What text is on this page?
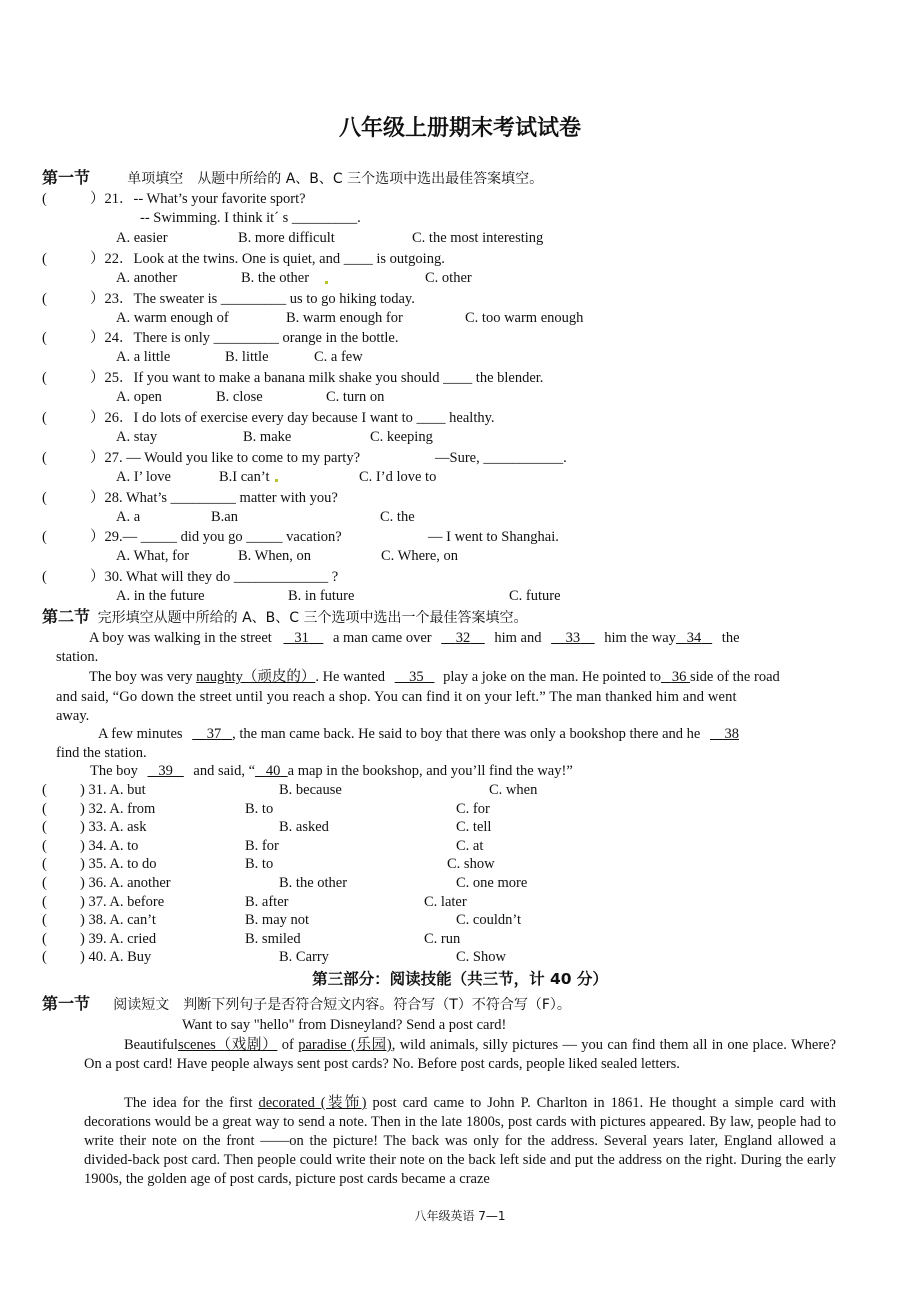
八年级上册期末考试试卷
第一节	单项填空　从题中所给的 A、B、C 三个选项中选出最佳答案填空。
(	）21．-- What’s your favorite sport?
-- Swimming. I think it´ s _________.
A. easier	B. more difficult	C. the most interesting
(	）22．Look at the twins. One is quiet, and ____ is outgoing.
A. another	B. the other	C. other
(	）23．The sweater is _________ us to go hiking today.
A. warm enough of	B. warm enough for	C. too warm enough
(	）24．There is only _________ orange in the bottle.
A. a little	B. little	C. a few
(	）25．If you want to make a banana milk shake you should ____ the blender.
A. open	B. close	C. turn on
(	）26．I do lots of exercise every day because I want to ____ healthy.
A. stay	B. make	C. keeping
(	）27. — Would you like to come to my party?	—Sure, ___________.
A. I’ love	B.I can’t	C. I’d love to
(	）28. What’s _________ matter with you?
A. a	B.an	C. the
(	）29.— _____ did you go _____ vacation?	— I went to Shanghai.
A. What, for	B. When, on	C. Where, on
(	）30. What will they do _____________ ?
A. in the future	B. in future	C. future
第二节 完形填空从题中所给的 A、B、C 三个选项中选出一个最佳答案填空。
A boy was walking in the street 31 a man came over 32 him and 33 him the way 34 the
station.
The boy was very naughty（顽皮的）. He wanted 35 play a joke on the man. He pointed to 36 side of the road
and said, “Go down the street until you reach a shop. You can find it on your left.” The man thanked him and went
away.
A few minutes 37 , the man came back. He said to boy that there was only a bookshop there and he 38
find the station.
The boy 39 and said, “ 40 a map in the bookshop, and you’ll find the way!”
( ) 31. A. but	B. because	C. when
( ) 32. A. from	B. to	C. for
( ) 33. A. ask	B. asked	C. tell
( ) 34. A. to	B. for	C. at
( ) 35. A. to do	B. to	C. show
( ) 36. A. another	B. the other	C. one more
( ) 37. A. before	B. after	C. later
( ) 38. A. can’t	B. may not	C. couldn’t
( ) 39. A. cried	B. smiled	C. run
( ) 40. A. Buy	B. Carry	C. Show
第三部分：阅读技能（共三节，计 40 分）
第一节 阅读短文　判断下列句子是否符合短文内容。符合写（T）不符合写（F）。
Want to say "hello" from Disneyland? Send a post card!
Beautifulscenes（戏剧） of paradise (乐园), wild animals, silly pictures — you can find them all in one place. Where? On a post card! Have people always sent post cards? No. Before post cards, people liked sealed letters.
The idea for the first decorated (装饰) post card came to John P. Charlton in 1861. He thought a simple card with decorations would be a great way to send a note. Then in the late 1800s, post cards with pictures appeared. By law, people had to write their note on the front ——on the picture! The back was only for the address. Several years later, England allowed a divided-back post card. Then people could write their note on the back left side and put the address on the right. During the early 1900s, the golden age of post cards, picture post cards became a craze
八年级英语 7—1
